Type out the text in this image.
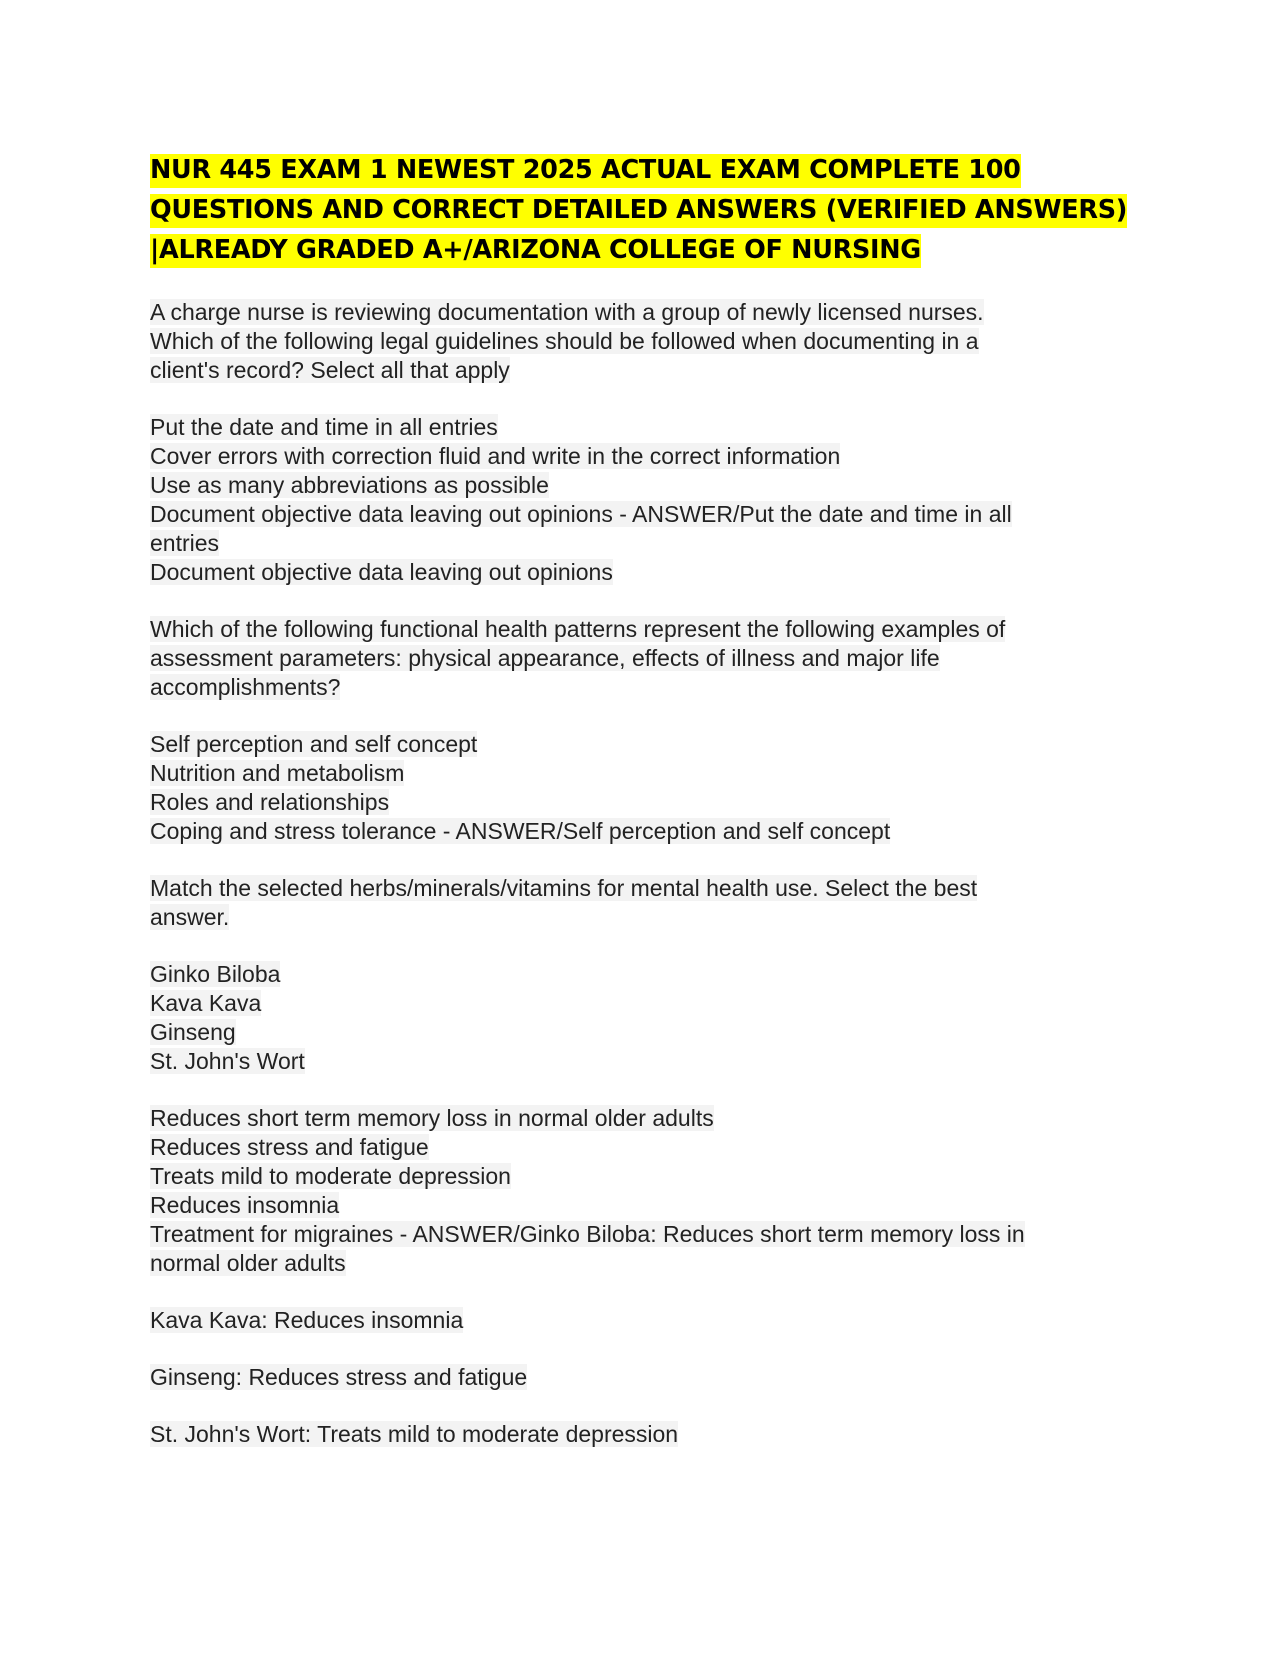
NUR 445 EXAM 1 NEWEST 2025 ACTUAL EXAM COMPLETE 100
QUESTIONS AND CORRECT DETAILED ANSWERS (VERIFIED ANSWERS)
|ALREADY GRADED A+/ARIZONA COLLEGE OF NURSING
A charge nurse is reviewing documentation with a group of newly licensed nurses.
Which of the following legal guidelines should be followed when documenting in a
client's record? Select all that apply
Put the date and time in all entries
Cover errors with correction fluid and write in the correct information
Use as many abbreviations as possible
Document objective data leaving out opinions - ANSWER/Put the date and time in all
entries
Document objective data leaving out opinions
Which of the following functional health patterns represent the following examples of
assessment parameters: physical appearance, effects of illness and major life
accomplishments?
Self perception and self concept
Nutrition and metabolism
Roles and relationships
Coping and stress tolerance - ANSWER/Self perception and self concept
Match the selected herbs/minerals/vitamins for mental health use. Select the best
answer.
Ginko Biloba
Kava Kava
Ginseng
St. John's Wort
Reduces short term memory loss in normal older adults
Reduces stress and fatigue
Treats mild to moderate depression
Reduces insomnia
Treatment for migraines - ANSWER/Ginko Biloba: Reduces short term memory loss in
normal older adults
Kava Kava: Reduces insomnia
Ginseng: Reduces stress and fatigue
St. John's Wort: Treats mild to moderate depression
